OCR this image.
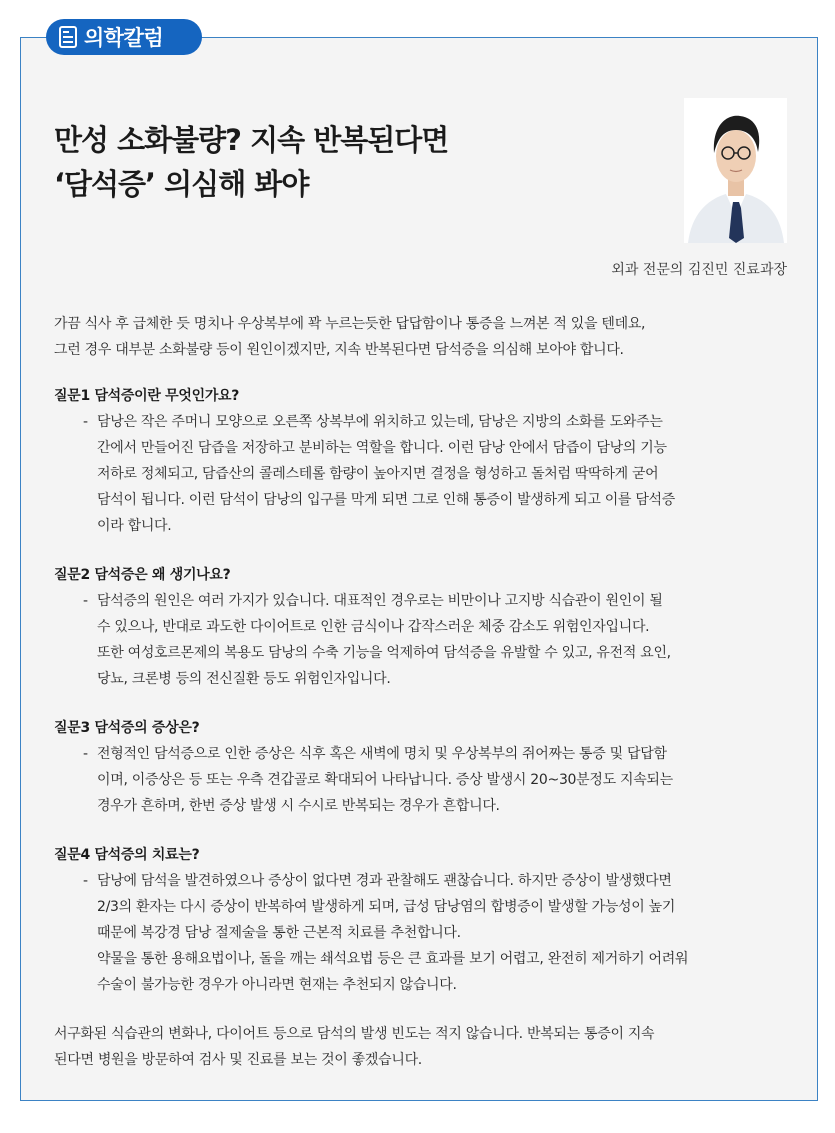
의학칼럼
만성 소화불량? 지속 반복된다면
‘담석증’ 의심해 봐야
외과 전문의 김진민 진료과장

가끔 식사 후 급체한 듯 명치나 우상복부에 꽉 누르는듯한 답답함이나 통증을 느껴본 적 있을 텐데요,
그런 경우 대부분 소화불량 등이 원인이겠지만, 지속 반복된다면 담석증을 의심해 보아야 합니다.

질문1 담석증이란 무엇인가요?

- 담낭은 작은 주머니 모양으로 오른쪽 상복부에 위치하고 있는데, 담낭은 지방의 소화를 도와주는
간에서 만들어진 담즙을 저장하고 분비하는 역할을 합니다. 이런 담낭 안에서 담즙이 담낭의 기능
저하로 정체되고, 담즙산의 콜레스테롤 함량이 높아지면 결정을 형성하고 돌처럼 딱딱하게 굳어
담석이 됩니다. 이런 담석이 담낭의 입구를 막게 되면 그로 인해 통증이 발생하게 되고 이를 담석증
이라 합니다.

질문2 담석증은 왜 생기나요?

- 담석증의 원인은 여러 가지가 있습니다. 대표적인 경우로는 비만이나 고지방 식습관이 원인이 될
수 있으나, 반대로 과도한 다이어트로 인한 금식이나 갑작스러운 체중 감소도 위험인자입니다.
또한 여성호르몬제의 복용도 담낭의 수축 기능을 억제하여 담석증을 유발할 수 있고, 유전적 요인,
당뇨, 크론병 등의 전신질환 등도 위험인자입니다.

질문3 담석증의 증상은?

- 전형적인 담석증으로 인한 증상은 식후 혹은 새벽에 명치 및 우상복부의 쥐어짜는 통증 및 답답함
이며, 이증상은 등 또는 우측 견갑골로 확대되어 나타납니다. 증상 발생시 20~30분정도 지속되는
경우가 흔하며, 한번 증상 발생 시 수시로 반복되는 경우가 흔합니다.

질문4 담석증의 치료는?

- 담낭에 담석을 발견하였으나 증상이 없다면 경과 관찰해도 괜찮습니다. 하지만 증상이 발생했다면
2/3의 환자는 다시 증상이 반복하여 발생하게 되며, 급성 담낭염의 합병증이 발생할 가능성이 높기
때문에 복강경 담낭 절제술을 통한 근본적 치료를 추천합니다.
약물을 통한 용해요법이나, 돌을 깨는 쇄석요법 등은 큰 효과를 보기 어렵고, 완전히 제거하기 어려워
수술이 불가능한 경우가 아니라면 현재는 추천되지 않습니다.

서구화된 식습관의 변화나, 다이어트 등으로 담석의 발생 빈도는 적지 않습니다. 반복되는 통증이 지속
된다면 병원을 방문하여 검사 및 진료를 보는 것이 좋겠습니다.
